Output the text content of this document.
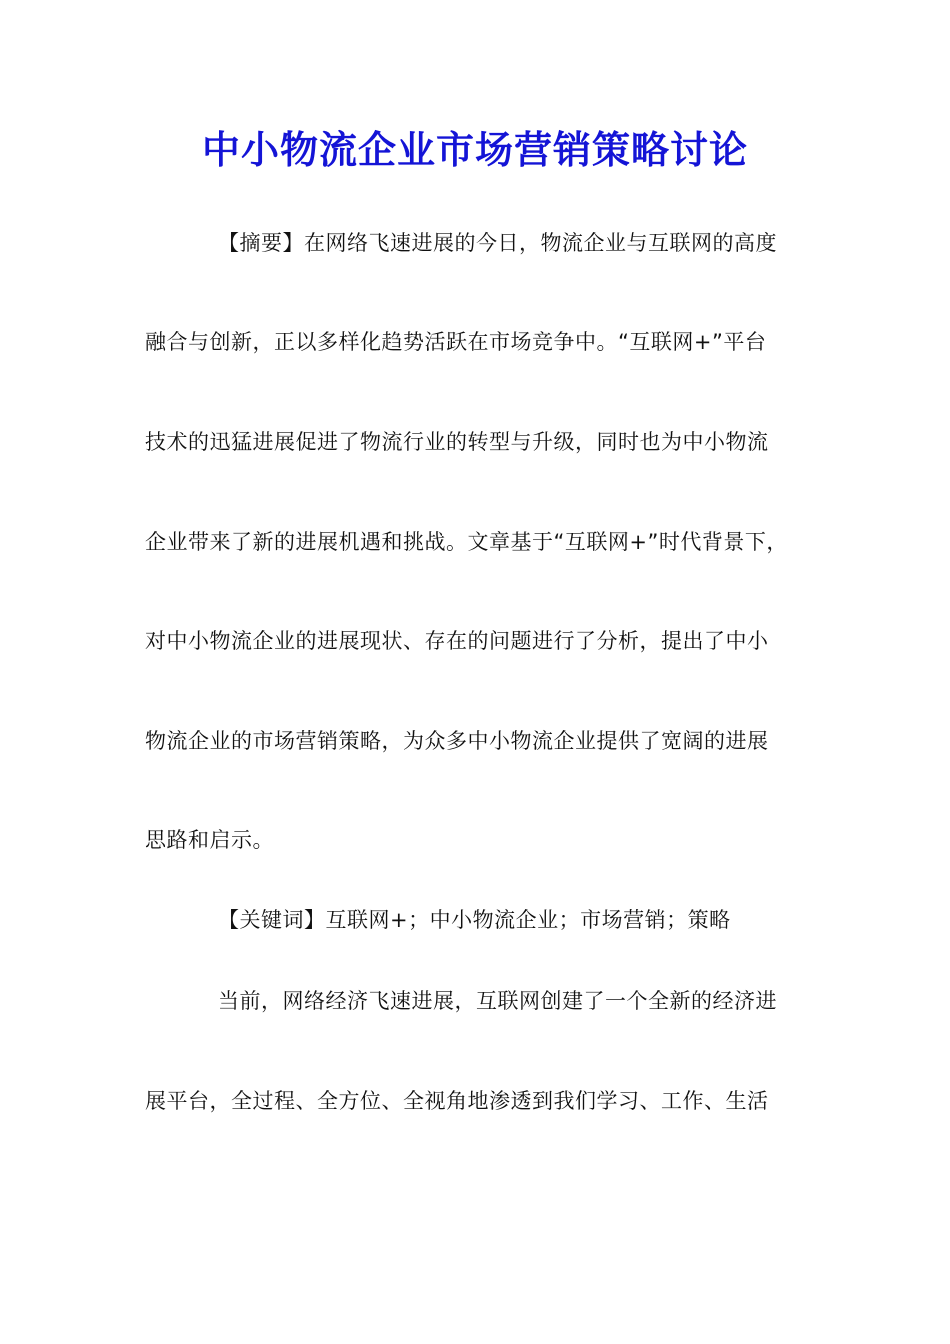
中小物流企业市场营销策略讨论
【摘要】在网络飞速进展的今日，物流企业与互联网的高度
融合与创新，正以多样化趋势活跃在市场竞争中。“互联网+”平台
技术的迅猛进展促进了物流行业的转型与升级，同时也为中小物流
企业带来了新的进展机遇和挑战。文章基于“互联网+”时代背景下，
对中小物流企业的进展现状、存在的问题进行了分析，提出了中小
物流企业的市场营销策略，为众多中小物流企业提供了宽阔的进展
思路和启示。
【关键词】互联网+；中小物流企业；市场营销；策略
当前，网络经济飞速进展，互联网创建了一个全新的经济进
展平台，全过程、全方位、全视角地渗透到我们学习、工作、生活
